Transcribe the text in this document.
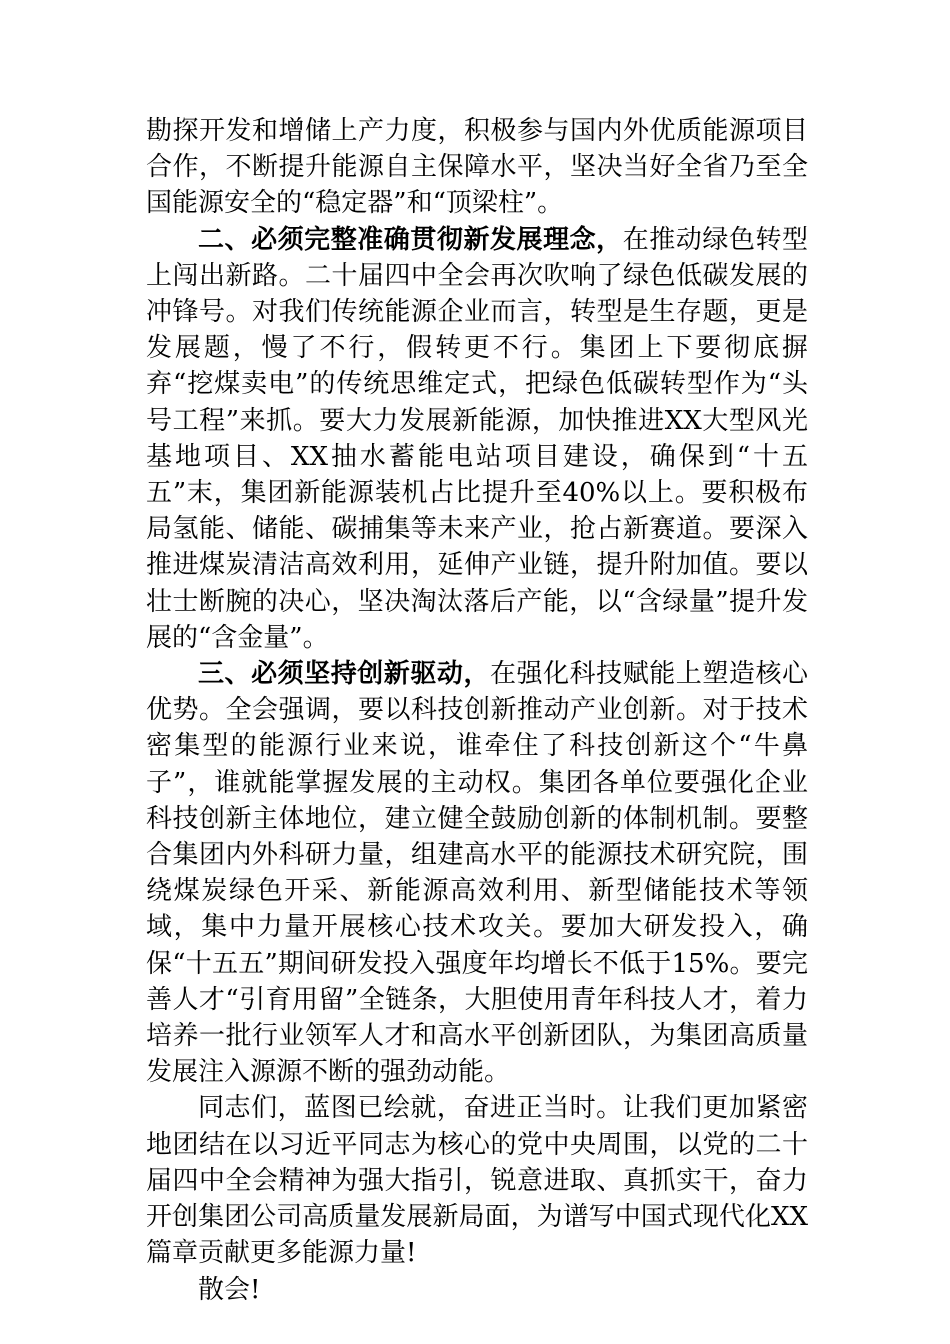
勘探开发和增储上产力度，积极参与国内外优质能源项目合作，不断提升能源自主保障水平，坚决当好全省乃至全国能源安全的“稳定器”和“顶梁柱”。

二、必须完整准确贯彻新发展理念，在推动绿色转型上闯出新路。二十届四中全会再次吹响了绿色低碳发展的冲锋号。对我们传统能源企业而言，转型是生存题，更是发展题，慢了不行，假转更不行。集团上下要彻底摒弃“挖煤卖电”的传统思维定式，把绿色低碳转型作为“头号工程”来抓。要大力发展新能源，加快推进XX大型风光基地项目、XX抽水蓄能电站项目建设，确保到“十五五”末，集团新能源装机占比提升至40%以上。要积极布局氢能、储能、碳捕集等未来产业，抢占新赛道。要深入推进煤炭清洁高效利用，延伸产业链，提升附加值。要以壮士断腕的决心，坚决淘汰落后产能，以“含绿量”提升发展的“含金量”。

三、必须坚持创新驱动，在强化科技赋能上塑造核心优势。全会强调，要以科技创新推动产业创新。对于技术密集型的能源行业来说，谁牵住了科技创新这个“牛鼻子”，谁就能掌握发展的主动权。集团各单位要强化企业科技创新主体地位，建立健全鼓励创新的体制机制。要整合集团内外科研力量，组建高水平的能源技术研究院，围绕煤炭绿色开采、新能源高效利用、新型储能技术等领域，集中力量开展核心技术攻关。要加大研发投入，确保“十五五”期间研发投入强度年均增长不低于15%。要完善人才“引育用留”全链条，大胆使用青年科技人才，着力培养一批行业领军人才和高水平创新团队，为集团高质量发展注入源源不断的强劲动能。

同志们，蓝图已绘就，奋进正当时。让我们更加紧密地团结在以习近平同志为核心的党中央周围，以党的二十届四中全会精神为强大指引，锐意进取、真抓实干，奋力开创集团公司高质量发展新局面，为谱写中国式现代化XX篇章贡献更多能源力量!

散会!
